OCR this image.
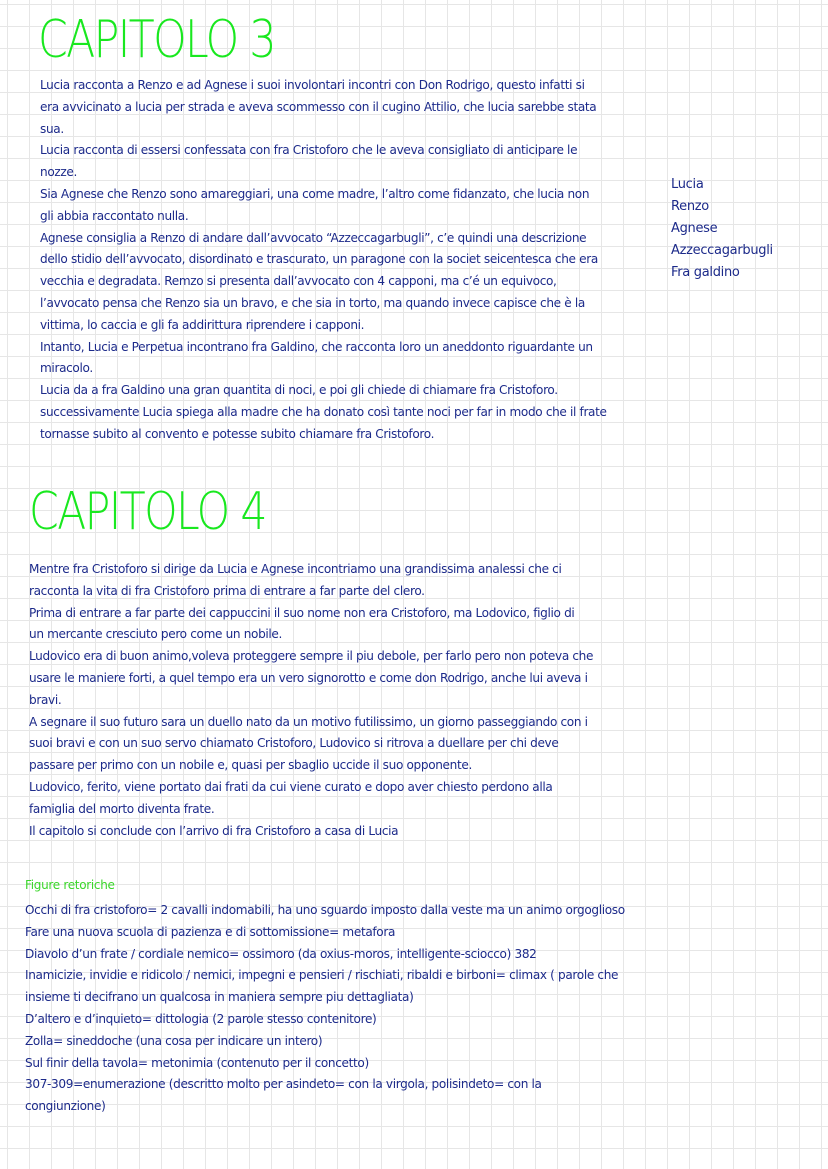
CAPITOLO 3

Lucia racconta a Renzo e ad Agnese i suoi involontari incontri con Don Rodrigo, questo infatti si

era avvicinato a lucia per strada e aveva scommesso con il cugino Attilio, che lucia sarebbe stata

sua.

Lucia racconta di essersi confessata con fra Cristoforo che le aveva consigliato di anticipare le

nozze.

Sia Agnese che Renzo sono amareggiari, una come madre, l’altro come fidanzato, che lucia non

gli abbia raccontato nulla.

Agnese consiglia a Renzo di andare dall’avvocato “Azzeccagarbugli”, c’e quindi una descrizione

dello stidio dell’avvocato, disordinato e trascurato, un paragone con la societ seicentesca che era

vecchia e degradata. Remzo si presenta dall’avvocato con 4 capponi, ma c’é un equivoco,

l’avvocato pensa che Renzo sia un bravo, e che sia in torto, ma quando invece capisce che è la

vittima, lo caccia e gli fa addirittura riprendere i capponi.

Intanto, Lucia e Perpetua incontrano fra Galdino, che racconta loro un aneddonto riguardante un

miracolo.

Lucia da a fra Galdino una gran quantita di noci, e poi gli chiede di chiamare fra Cristoforo.

successivamente Lucia spiega alla madre che ha donato così tante noci per far in modo che il frate

tornasse subito al convento e potesse subito chiamare fra Cristoforo.

Lucia
Renzo
Agnese
Azzeccagarbugli
Fra galdino
CAPITOLO 4

Mentre fra Cristoforo si dirige da Lucia e Agnese incontriamo una grandissima analessi che ci

racconta la vita di fra Cristoforo prima di entrare a far parte del clero.

Prima di entrare a far parte dei cappuccini il suo nome non era Cristoforo, ma Lodovico, figlio di

un mercante cresciuto pero come un nobile.

Ludovico era di buon animo,voleva proteggere sempre il piu debole, per farlo pero non poteva che

usare le maniere forti, a quel tempo era un vero signorotto e come don Rodrigo, anche lui aveva i

bravi.

A segnare il suo futuro sara un duello nato da un motivo futilissimo, un giorno passeggiando con i

suoi bravi e con un suo servo chiamato Cristoforo, Ludovico si ritrova a duellare per chi deve

passare per primo con un nobile e, quasi per sbaglio uccide il suo opponente.

Ludovico, ferito, viene portato dai frati da cui viene curato e dopo aver chiesto perdono alla

famiglia del morto diventa frate.

Il capitolo si conclude con l’arrivo di fra Cristoforo a casa di Lucia

Figure retoriche
Occhi di fra cristoforo= 2 cavalli indomabili, ha uno sguardo imposto dalla veste ma un animo orgoglioso
Fare una nuova scuola di pazienza e di sottomissione= metafora
Diavolo d’un frate / cordiale nemico= ossimoro (da oxius-moros, intelligente-sciocco) 382
Inamicizie, invidie e ridicolo / nemici, impegni e pensieri / rischiati, ribaldi e birboni= climax ( parole che
insieme ti decifrano un qualcosa in maniera sempre piu dettagliata)
D’altero e d’inquieto= dittologia (2 parole stesso contenitore)
Zolla= sineddoche (una cosa per indicare un intero)
Sul finir della tavola= metonimia (contenuto per il concetto)
307-309=enumerazione (descritto molto per asindeto= con la virgola, polisindeto= con la
congiunzione)
